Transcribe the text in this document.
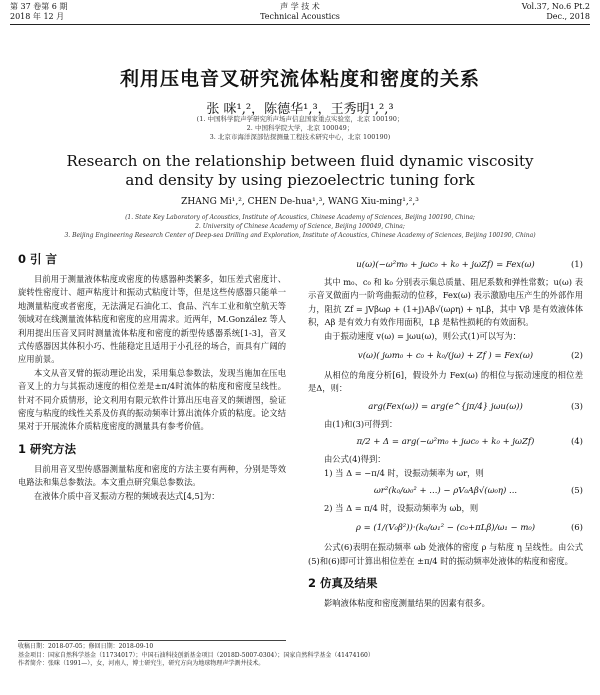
第 37 卷第 6 期
2018 年 12 月
声 学 技 术
Technical Acoustics
Vol.37, No.6 Pt.2
Dec., 2018
利用压电音叉研究流体粘度和密度的关系
张 咪¹,²，陈德华¹,³，王秀明¹,²,³
(1. 中国科学院声学研究所声场声信息国家重点实验室，北京 100190；
2. 中国科学院大学，北京 100049；
3. 北京市海洋深部钻探测量工程技术研究中心，北京 100190)
Research on the relationship between fluid dynamic viscosity and density by using piezoelectric tuning fork
ZHANG Mi¹,², CHEN De-hua¹,³, WANG Xiu-ming¹,²,³
(1. State Key Laboratory of Acoustics, Institute of Acoustics, Chinese Academy of Sciences, Beijing 100190, China;
2. University of Chinese Academy of Science, Beijing 100049, China;
3. Beijing Engineering Research Center of Deep-sea Drilling and Exploration, Institute of Acoustics, Chinese Academy of Sciences, Beijing 100190, China)
0 引 言

目前用于测量液体粘度或密度的传感器种类繁多，如压差式密度计、旋转性密度计、超声粘度计和振动式粘度计等，但是这些传感器只能单一地测量粘度或者密度，无法满足石油化工、食品、汽车工业和航空航天等领域对在线测量流体粘度和密度的应用需求。近两年，M.González 等人利用提出压音叉同时测量流体粘度和密度的新型传感器系统[1-3]，音叉式传感器因其体积小巧、性能稳定且适用于小孔径的场合，而具有广阔的应用前景。

本文从音叉臂的振动理论出发，采用集总参数法，发现当施加在压电音叉上的力与其振动速度的相位差是±π/4时流体的粘度和密度呈线性。针对不同介质情形，论文利用有限元软件计算出压电音叉的频谱图，验证密度与粘度的线性关系及仿真的振动频率计算出流体介质的粘度。论文结果对于开展流体介质粘度密度的测量具有参考价值。

1 研究方法

目前用音叉型传感器测量粘度和密度的方法主要有两种，分别是等效电路法和集总参数法。本文重点研究集总参数法。

在液体介质中音叉振动方程的频域表达式[4,5]为：

u(ω)(−ω²m₀ + jωc₀ + k₀ + jωZf) = Fex(ω)	(1)

其中 m₀、c₀ 和 k₀ 分别表示集总质量、阻尼系数和弹性常数；u(ω) 表示音叉做面内一阶弯曲振动的位移，Fex(ω) 表示激励电压产生的外部作用力，阻抗 Zf = jVβωρ + (1+j)Aβ√(ωρη) + ηLβ，其中 Vβ 是有效液体体积，Aβ 是有效力有效作用面积，Lβ 是粘性损耗的有效面积。

由于振动速度 v(ω) = jωu(ω)，则公式(1)可以写为：

v(ω)( jωm₀ + c₀ + k₀/(jω) + Zf ) = Fex(ω)	(2)

从相位的角度分析[6]，假设外力 Fex(ω) 的相位与振动速度的相位差是Δ，则：

arg(Fex(ω)) = arg(e^{jπ/4} jωu(ω))	(3)

由(1)和(3)可得到：

π/2 + Δ = arg(−ω²m₀ + jωc₀ + k₀ + jωZf)	(4)

由公式(4)得到：

1) 当 Δ = −π/4 时，设振动频率为 ωr，则

ωr²(k₀/ω₀² + ...) − ρV₀Aβ√(ω₀η) ...	(5)

2) 当 Δ = π/4 时，设振动频率为 ωb，则

ρ = (1/(V₀β²))·(k₀/ω₁² − (c₀+πLβ)/ω₁ − m₀)	(6)

公式(6)表明在振动频率 ωb 处液体的密度 ρ 与粘度 η 呈线性。由公式(5)和(6)即可计算出相位差在 ±π/4 时的振动频率处液体的粘度和密度。

2 仿真及结果

影响液体粘度和密度测量结果的因素有很多。

收稿日期：2018-07-05；修回日期：2018-09-10
基金项目：国家自然科学基金（11734017）；中国石油科技创新基金项目（2018D-5007-0304）；国家自然科学基金（41474160）
作者简介：张咪（1991—），女，河南人，博士研究生，研究方向为地球物理声学测井技术。
